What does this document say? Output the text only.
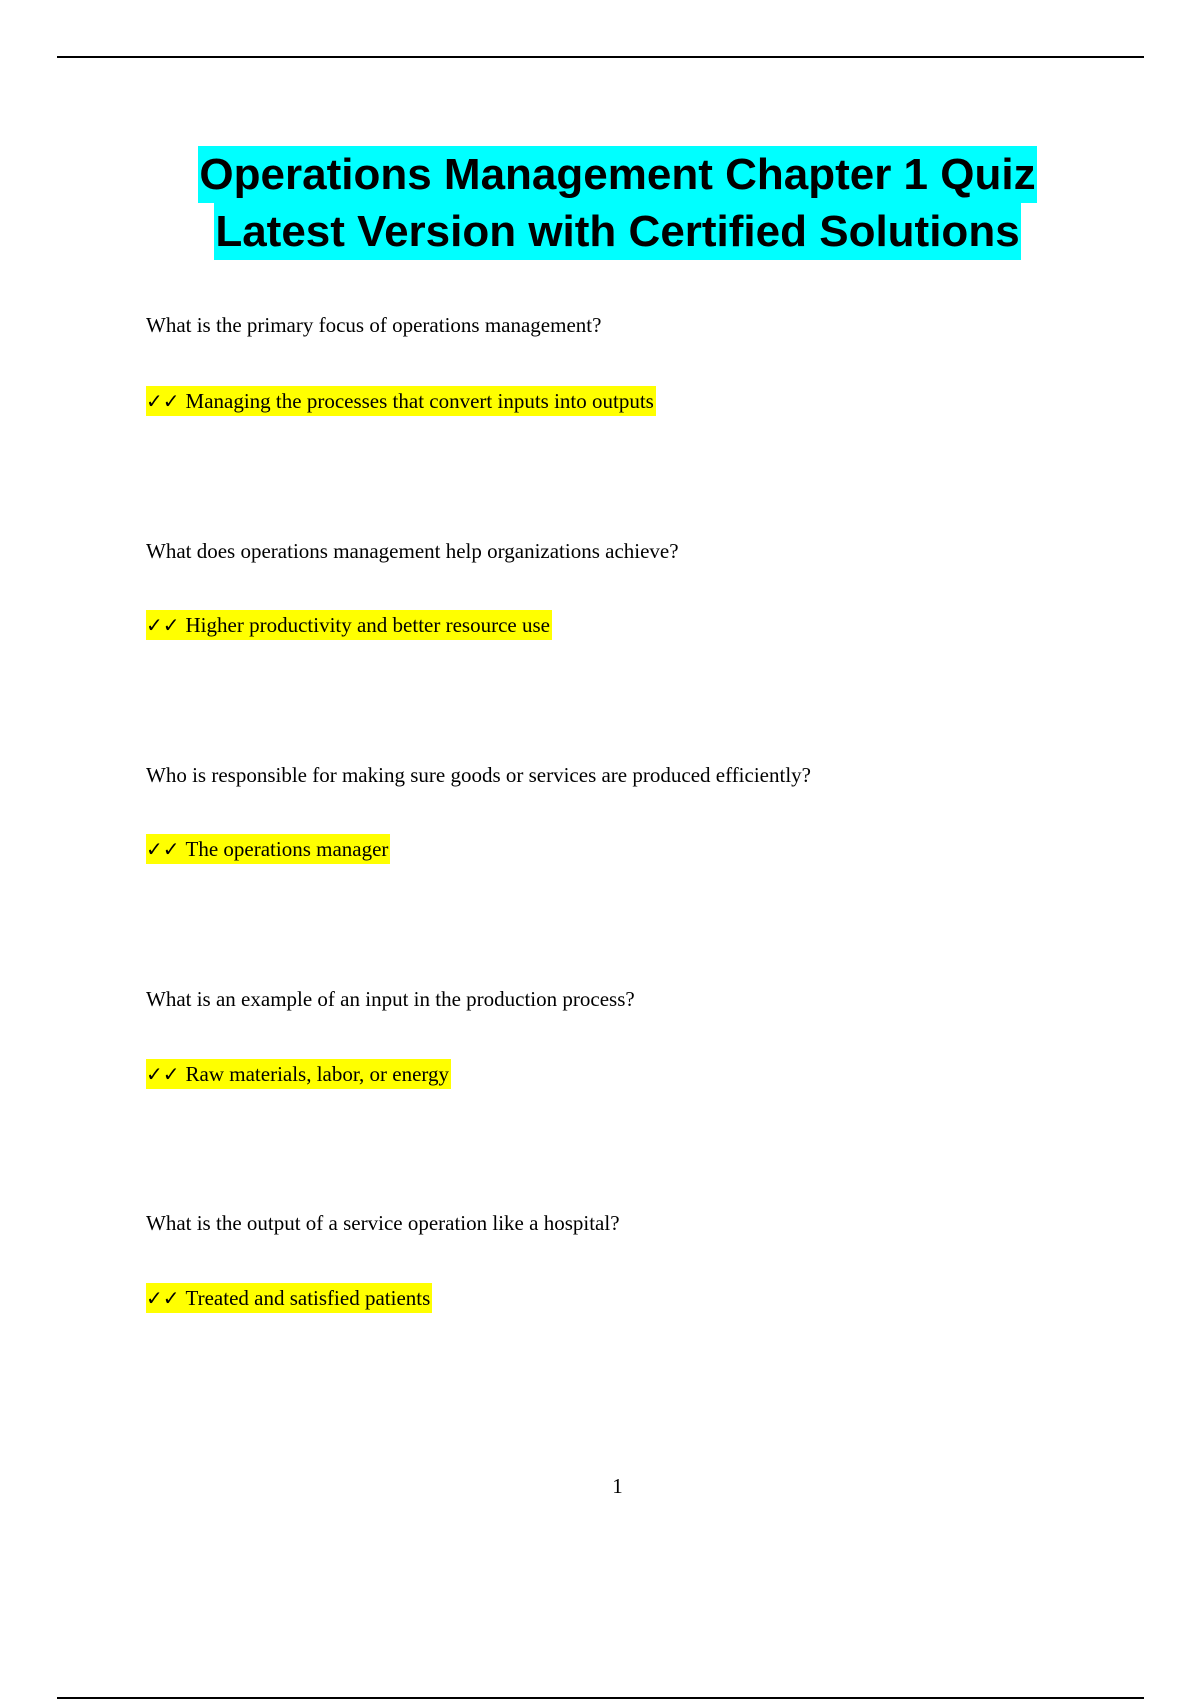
Operations Management Chapter 1 Quiz
Latest Version with Certified Solutions
What is the primary focus of operations management?
✓✓ Managing the processes that convert inputs into outputs
What does operations management help organizations achieve?
✓✓ Higher productivity and better resource use
Who is responsible for making sure goods or services are produced efficiently?
✓✓ The operations manager
What is an example of an input in the production process?
✓✓ Raw materials, labor, or energy
What is the output of a service operation like a hospital?
✓✓ Treated and satisfied patients
1
